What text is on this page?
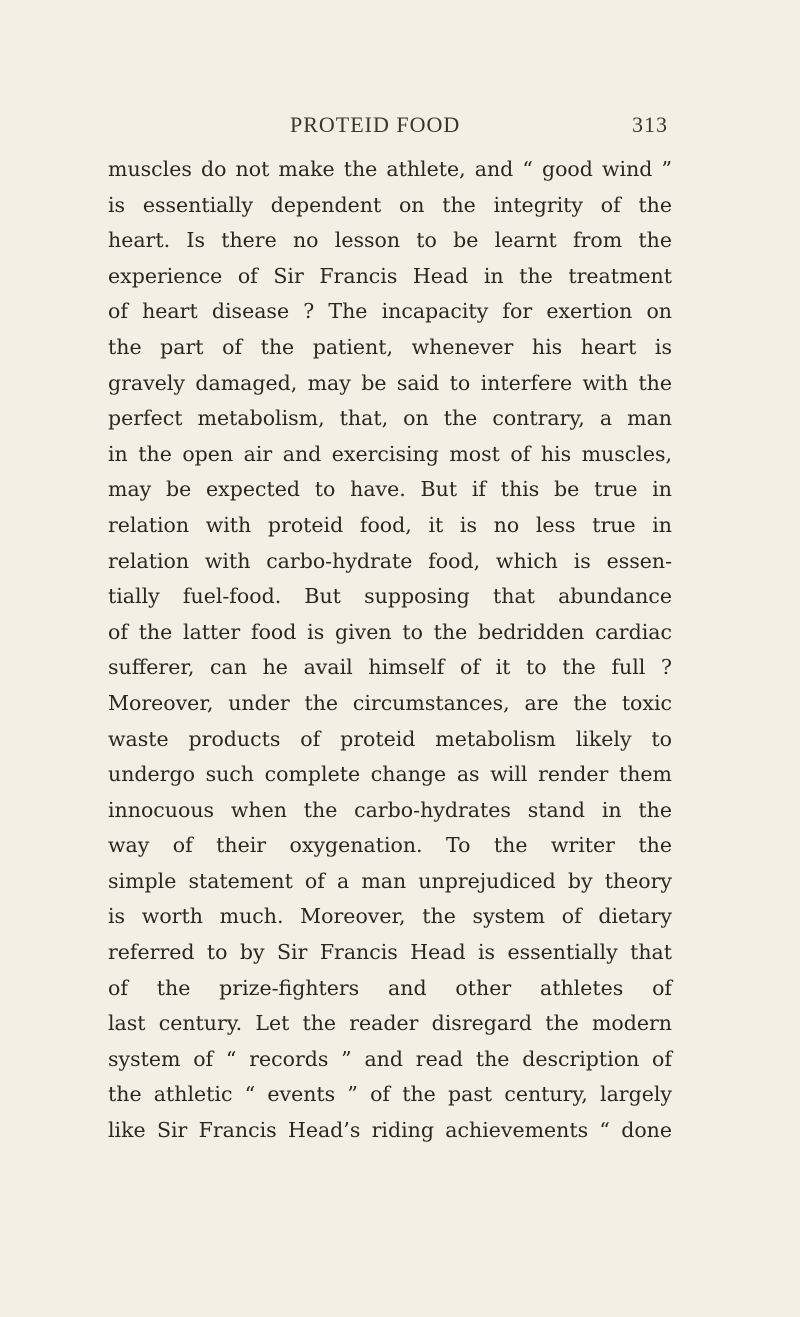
PROTEID FOOD	313
muscles do not make the athlete, and “ good wind ”
is essentially dependent on the integrity of the
heart. Is there no lesson to be learnt from the
experience of Sir Francis Head in the treatment
of heart disease ? The incapacity for exertion on
the part of the patient, whenever his heart is
gravely damaged, may be said to interfere with the
perfect metabolism, that, on the contrary, a man
in the open air and exercising most of his muscles,
may be expected to have. But if this be true in
relation with proteid food, it is no less true in
relation with carbo-hydrate food, which is essen-
tially fuel-food. But supposing that abundance
of the latter food is given to the bedridden cardiac
sufferer, can he avail himself of it to the full ?
Moreover, under the circumstances, are the toxic
waste products of proteid metabolism likely to
undergo such complete change as will render them
innocuous when the carbo-hydrates stand in the
way of their oxygenation. To the writer the
simple statement of a man unprejudiced by theory
is worth much. Moreover, the system of dietary
referred to by Sir Francis Head is essentially that
of the prize-fighters and other athletes of
last century. Let the reader disregard the modern
system of “ records ” and read the description of
the athletic “ events ” of the past century, largely
like Sir Francis Head’s riding achievements “ done
